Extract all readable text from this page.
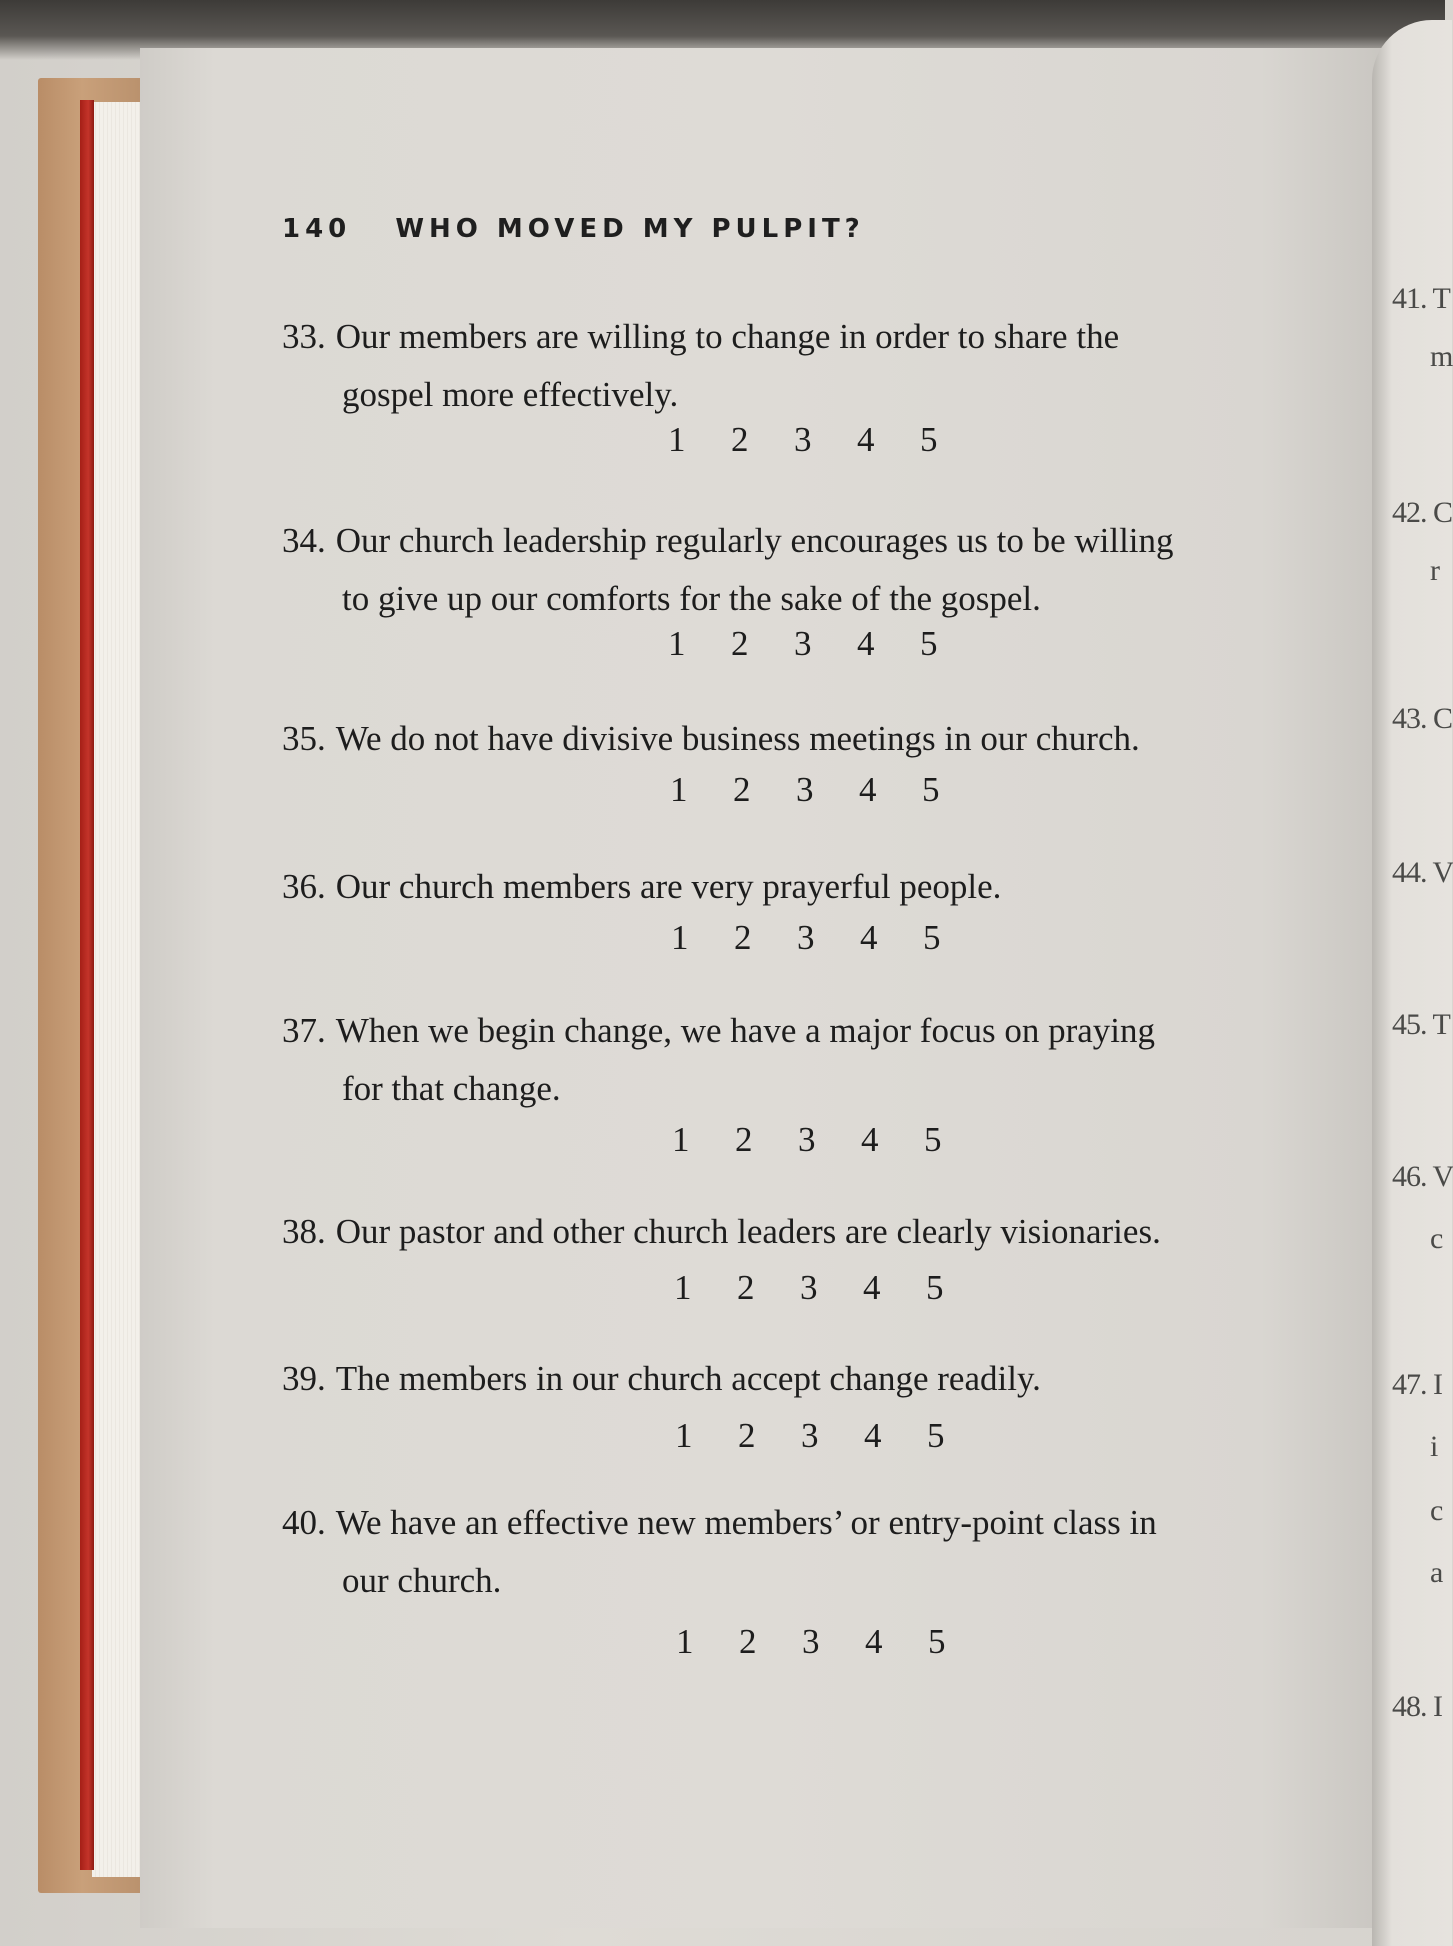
140 WHO MOVED MY PULPIT?
33. Our members are willing to change in order to share the
gospel more effectively.
1 2 3 4 5
34. Our church leadership regularly encourages us to be willing
to give up our comforts for the sake of the gospel.
1 2 3 4 5
35. We do not have divisive business meetings in our church.
1 2 3 4 5
36. Our church members are very prayerful people.
1 2 3 4 5
37. When we begin change, we have a major focus on praying
for that change.
1 2 3 4 5
38. Our pastor and other church leaders are clearly visionaries.
1 2 3 4 5
39. The members in our church accept change readily.
1 2 3 4 5
40. We have an effective new members’ or entry-point class in
our church.
1 2 3 4 5
41. T
42. C
43. C
44. V
45. T
46. V
47. I
48. I
m
r
c
i
c
a
